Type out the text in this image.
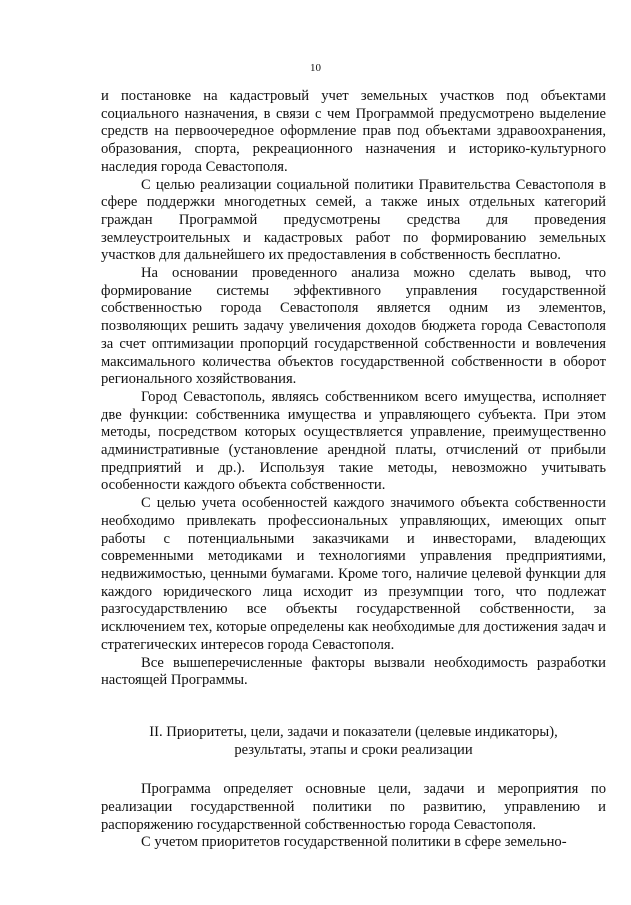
10

и постановке на кадастровый учет земельных участков под объектами социального назначения, в связи с чем Программой предусмотрено выделение средств на первоочередное оформление прав под объектами здравоохранения, образования, спорта, рекреационного назначения и историко-культурного наследия города Севастополя.

С целью реализации социальной политики Правительства Севастополя в сфере поддержки многодетных семей, а также иных отдельных категорий граждан Программой предусмотрены средства для проведения землеустроительных и кадастровых работ по формированию земельных участков для дальнейшего их предоставления в собственность бесплатно.

На основании проведенного анализа можно сделать вывод, что формирование системы эффективного управления государственной собственностью города Севастополя является одним из элементов, позволяющих решить задачу увеличения доходов бюджета города Севастополя за счет оптимизации пропорций государственной собственности и вовлечения максимального количества объектов государственной собственности в оборот регионального хозяйствования.

Город Севастополь, являясь собственником всего имущества, исполняет две функции: собственника имущества и управляющего субъекта. При этом методы, посредством которых осуществляется управление, преимущественно административные (установление арендной платы, отчислений от прибыли предприятий и др.). Используя такие методы, невозможно учитывать особенности каждого объекта собственности.

С целью учета особенностей каждого значимого объекта собственности необходимо привлекать профессиональных управляющих, имеющих опыт работы с потенциальными заказчиками и инвесторами, владеющих современными методиками и технологиями управления предприятиями, недвижимостью, ценными бумагами. Кроме того, наличие целевой функции для каждого юридического лица исходит из презумпции того, что подлежат разгосударствлению все объекты государственной собственности, за исключением тех, которые определены как необходимые для достижения задач и стратегических интересов города Севастополя.

Все вышеперечисленные факторы вызвали необходимость разработки настоящей Программы.

II. Приоритеты, цели, задачи и показатели (целевые индикаторы),
результаты, этапы и сроки реализации

Программа определяет основные цели, задачи и мероприятия по реализации государственной политики по развитию, управлению и распоряжению государственной собственностью города Севастополя.

С учетом приоритетов государственной политики в сфере земельно-
